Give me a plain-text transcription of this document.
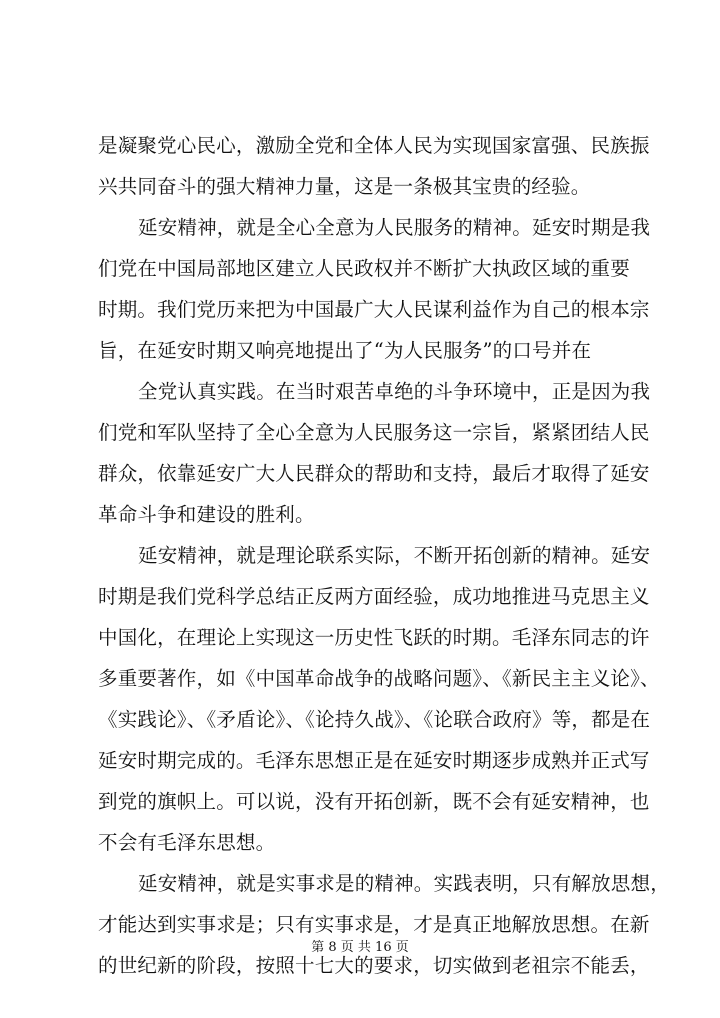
是凝聚党心民心，激励全党和全体人民为实现国家富强、民族振
兴共同奋斗的强大精神力量，这是一条极其宝贵的经验。
延安精神，就是全心全意为人民服务的精神。延安时期是我
们党在中国局部地区建立人民政权并不断扩大执政区域的重要
时期。我们党历来把为中国最广大人民谋利益作为自己的根本宗
旨，在延安时期又响亮地提出了“为人民服务”的口号并在
全党认真实践。在当时艰苦卓绝的斗争环境中，正是因为我
们党和军队坚持了全心全意为人民服务这一宗旨，紧紧团结人民
群众，依靠延安广大人民群众的帮助和支持，最后才取得了延安
革命斗争和建设的胜利。
延安精神，就是理论联系实际，不断开拓创新的精神。延安
时期是我们党科学总结正反两方面经验，成功地推进马克思主义
中国化，在理论上实现这一历史性飞跃的时期。毛泽东同志的许
多重要著作，如《中国革命战争的战略问题》、《新民主主义论》、
《实践论》、《矛盾论》、《论持久战》、《论联合政府》等，都是在
延安时期完成的。毛泽东思想正是在延安时期逐步成熟并正式写
到党的旗帜上。可以说，没有开拓创新，既不会有延安精神，也
不会有毛泽东思想。
延安精神，就是实事求是的精神。实践表明，只有解放思想，
才能达到实事求是；只有实事求是，才是真正地解放思想。在新
的世纪新的阶段，按照十七大的要求，切实做到老祖宗不能丢，
第 8 页 共 16 页
